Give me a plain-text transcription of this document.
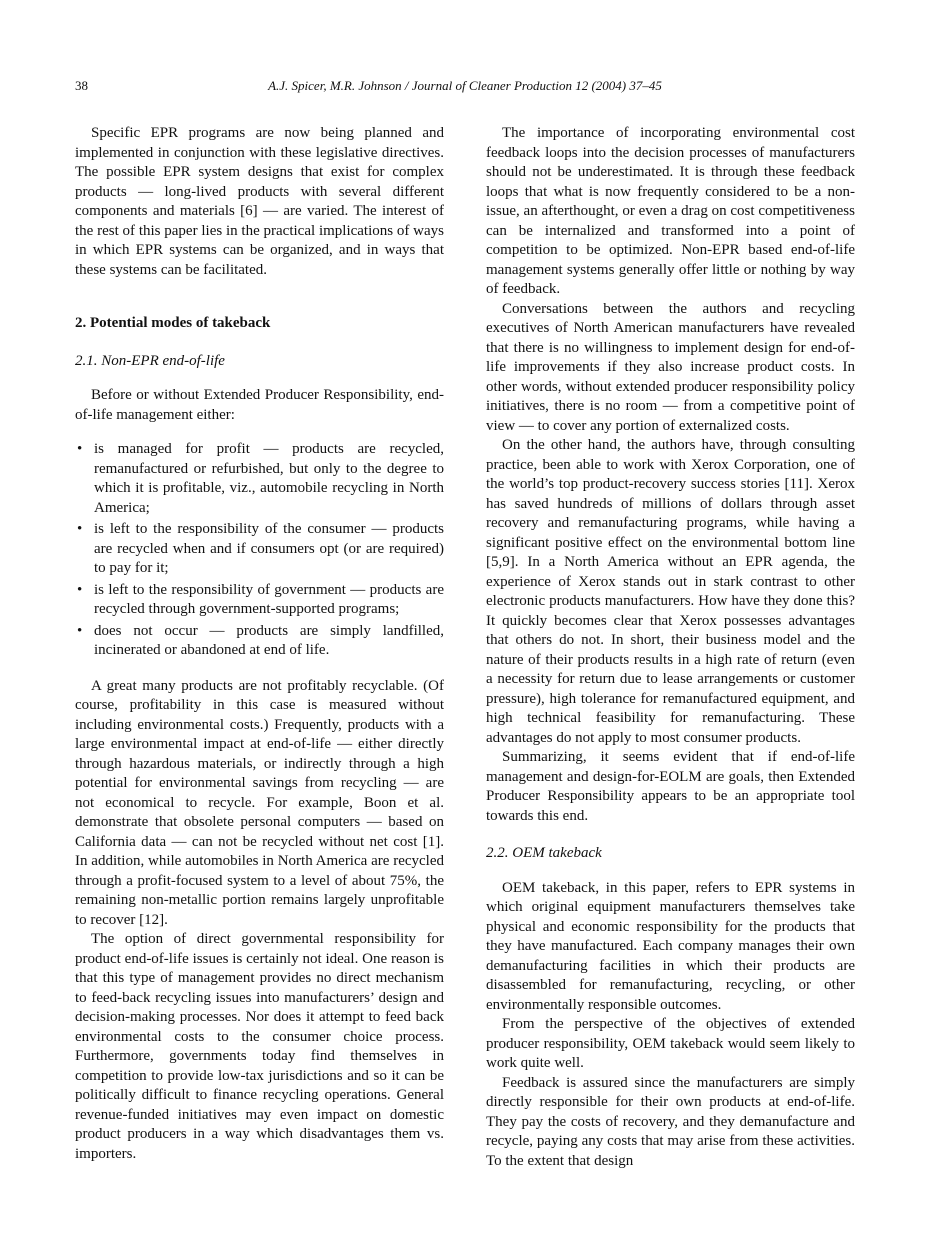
38	A.J. Spicer, M.R. Johnson / Journal of Cleaner Production 12 (2004) 37–45

Specific EPR programs are now being planned and implemented in conjunction with these legislative directives. The possible EPR system designs that exist for complex products — long-lived products with several different components and materials [6] — are varied. The interest of the rest of this paper lies in the practical implications of ways in which EPR systems can be organized, and in ways that these systems can be facilitated.

2. Potential modes of takeback
2.1. Non-EPR end-of-life

Before or without Extended Producer Responsibility, end-of-life management either:

• is managed for profit — products are recycled, remanufactured or refurbished, but only to the degree to which it is profitable, viz., automobile recycling in North America;
• is left to the responsibility of the consumer — products are recycled when and if consumers opt (or are required) to pay for it;
• is left to the responsibility of government — products are recycled through government-supported programs;
• does not occur — products are simply landfilled, incinerated or abandoned at end of life.

A great many products are not profitably recyclable. (Of course, profitability in this case is measured without including environmental costs.) Frequently, products with a large environmental impact at end-of-life — either directly through hazardous materials, or indirectly through a high potential for environmental savings from recycling — are not economical to recycle. For example, Boon et al. demonstrate that obsolete personal computers — based on California data — can not be recycled without net cost [1]. In addition, while automobiles in North America are recycled through a profit-focused system to a level of about 75%, the remaining non-metallic portion remains largely unprofitable to recover [12].

The option of direct governmental responsibility for product end-of-life issues is certainly not ideal. One reason is that this type of management provides no direct mechanism to feed-back recycling issues into manufacturers’ design and decision-making processes. Nor does it attempt to feed back environmental costs to the consumer choice process. Furthermore, governments today find themselves in competition to provide low-tax jurisdictions and so it can be politically difficult to finance recycling operations. General revenue-funded initiatives may even impact on domestic product producers in a way which disadvantages them vs. importers.

The importance of incorporating environmental cost feedback loops into the decision processes of manufacturers should not be underestimated. It is through these feedback loops that what is now frequently considered to be a non-issue, an afterthought, or even a drag on cost competitiveness can be internalized and transformed into a point of competition to be optimized. Non-EPR based end-of-life management systems generally offer little or nothing by way of feedback.

Conversations between the authors and recycling executives of North American manufacturers have revealed that there is no willingness to implement design for end-of-life improvements if they also increase product costs. In other words, without extended producer responsibility policy initiatives, there is no room — from a competitive point of view — to cover any portion of externalized costs.

On the other hand, the authors have, through consulting practice, been able to work with Xerox Corporation, one of the world’s top product-recovery success stories [11]. Xerox has saved hundreds of millions of dollars through asset recovery and remanufacturing programs, while having a significant positive effect on the environmental bottom line [5,9]. In a North America without an EPR agenda, the experience of Xerox stands out in stark contrast to other electronic products manufacturers. How have they done this? It quickly becomes clear that Xerox possesses advantages that others do not. In short, their business model and the nature of their products results in a high rate of return (even a necessity for return due to lease arrangements or customer pressure), high tolerance for remanufactured equipment, and high technical feasibility for remanufacturing. These advantages do not apply to most consumer products.

Summarizing, it seems evident that if end-of-life management and design-for-EOLM are goals, then Extended Producer Responsibility appears to be an appropriate tool towards this end.

2.2. OEM takeback

OEM takeback, in this paper, refers to EPR systems in which original equipment manufacturers themselves take physical and economic responsibility for the products that they have manufactured. Each company manages their own demanufacturing facilities in which their products are disassembled for remanufacturing, recycling, or other environmentally responsible outcomes.

From the perspective of the objectives of extended producer responsibility, OEM takeback would seem likely to work quite well.

Feedback is assured since the manufacturers are simply directly responsible for their own products at end-of-life. They pay the costs of recovery, and they demanufacture and recycle, paying any costs that may arise from these activities. To the extent that design
